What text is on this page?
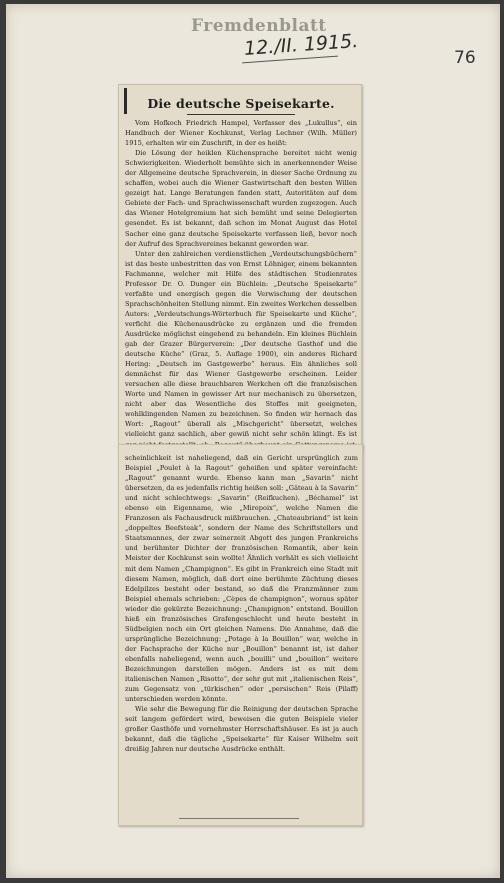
Fremdenblatt
12./II. 1915.	76
Die deutsche Speisekarte.

Vom Hofkoch Friedrich Hampel, Verfasser des „Lukullus“, ein Handbuch der Wiener Kochkunst, Verlag Lechner (Wilh. Müller) 1915, erhalten wir ein Zuschrift, in der es heißt:

Die Lösung der heiklen Küchensprache bereitet nicht wenig Schwierigkeiten. Wiederholt bemühte sich in anerkennender Weise der Allgemeine deutsche Sprachverein, in dieser Sache Ordnung zu schaffen, wobei auch die Wiener Gastwirtschaft den besten Willen gezeigt hat. Lange Beratungen fanden statt, Autoritäten auf dem Gebiete der Fach- und Sprachwissenschaft wurden zugezogen. Auch das Wiener Hotelgremium hat sich bemüht und seine Delegierten gesendet. Es ist bekannt, daß schon im Monat August das Hotel Sacher eine ganz deutsche Speisekarte verfassen ließ, bevor noch der Aufruf des Sprachvereines bekannt geworden war.

Unter den zahlreichen verdienstlichen „Verdeutschungsbüchern“ ist das beste unbestritten das von Ernst Löhniger, einem bekannten Fachmanne, welcher mit Hilfe des städtischen Studienrates Professor Dr. O. Dunger ein Büchlein: „Deutsche Speisekarte“ verfaßte und energisch gegen die Verwischung der deutschen Sprachschönheiten Stellung nimmt. Ein zweites Werkchen desselben Autors: „Verdeutschungs-Wörterbuch für Speisekarte und Küche“, verficht die Küchenausdrücke zu ergänzen und die fremden Ausdrücke möglichst eingehend zu behandeln. Ein kleines Büchlein gab der Grazer Bürgerverein: „Der deutsche Gasthof und die deutsche Küche“ (Graz, 5. Auflage 1900), ein anderes Richard Hering: „Deutsch im Gastgewerbe“ heraus. Ein ähnliches soll demnächst für das Wiener Gastgewerbe erscheinen. Leider versuchen alle diese brauchbaren Werkchen oft die französischen Worte und Namen in gewisser Art nur mechanisch zu übersetzen, nicht aber das Wesentliche des Stoffes mit geeigneten, wohlklingenden Namen zu bezeichnen. So finden wir hernach das Wort: „Ragout“ überall als „Mischgericht“ übersetzt, welches vielleicht ganz sachlich, aber gewiß nicht sehr schön klingt. Es ist

scheinlichkeit ist naheliegend, daß ein Gericht ursprünglich zum Beispiel „Poulet à la Ragout“ geheißen und später vereinfacht: „Ragout“ genannt wurde. Ebenso kann man „Savarin“ nicht übersetzen, da es jedenfalls richtig heißen soll: „Gâteau à la Savarin“ und nicht schlechtwegs: „Savarin“ (Reifkuchen). „Béchamel“ ist ebenso ein Eigenname, wie „Mirepoix“, welche Namen die Franzosen als Fachausdruck mißbrauchen. „Chateaubriand“ ist kein „doppeltes Beefsteak“, sondern der Name des Schriftstellers und Staatsmannes, der zwar seinerzeit Abgott des jungen Frankreichs und berühmter Dichter der französischen Romantik, aber kein Meister der Kochkunst sein wollte! Ähnlich verhält es sich vielleicht mit dem Namen „Champignon“. Es gibt in Frankreich eine Stadt mit diesem Namen, möglich, daß dort eine berühmte Züchtung dieses Edelpilzes besteht oder bestand, so daß die Franzmänner zum Beispiel ehemals schrieben: „Cèpes de champignon“, woraus später wieder die gekürzte Bezeichnung: „Champignon“ entstand. Bouillon hieß ein französisches Grafengeschlecht und heute besteht in Südbelgien noch ein Ort gleichen Namens. Die Annahme, daß die ursprüngliche Bezeichnung: „Potage à la Bouillon“ war, welche in der Fachsprache der Küche nur „Bouillon“ benannt ist, ist daher ebenfalls naheliegend, wenn auch „bouilli“ und „bouillon“ weitere Bezeichnungen darstellen mögen. Anders ist es mit dem italienischen Namen „Risotto“, der sehr gut mit „italienischen Reis“, zum Gegensatz von „türkischen“ oder „persischen“ Reis (Pilaff) unterschieden werden könnte.

Wie sehr die Bewegung für die Reinigung der deutschen Sprache seit langem gefördert wird, beweisen die guten Beispiele vieler großer Gasthöfe und vornehmster Herrschaftshäuser. Es ist ja auch bekannt, daß die tägliche „Speisekarte“ für Kaiser Wilhelm seit dreißig Jahren nur deutsche Ausdrücke enthält.
